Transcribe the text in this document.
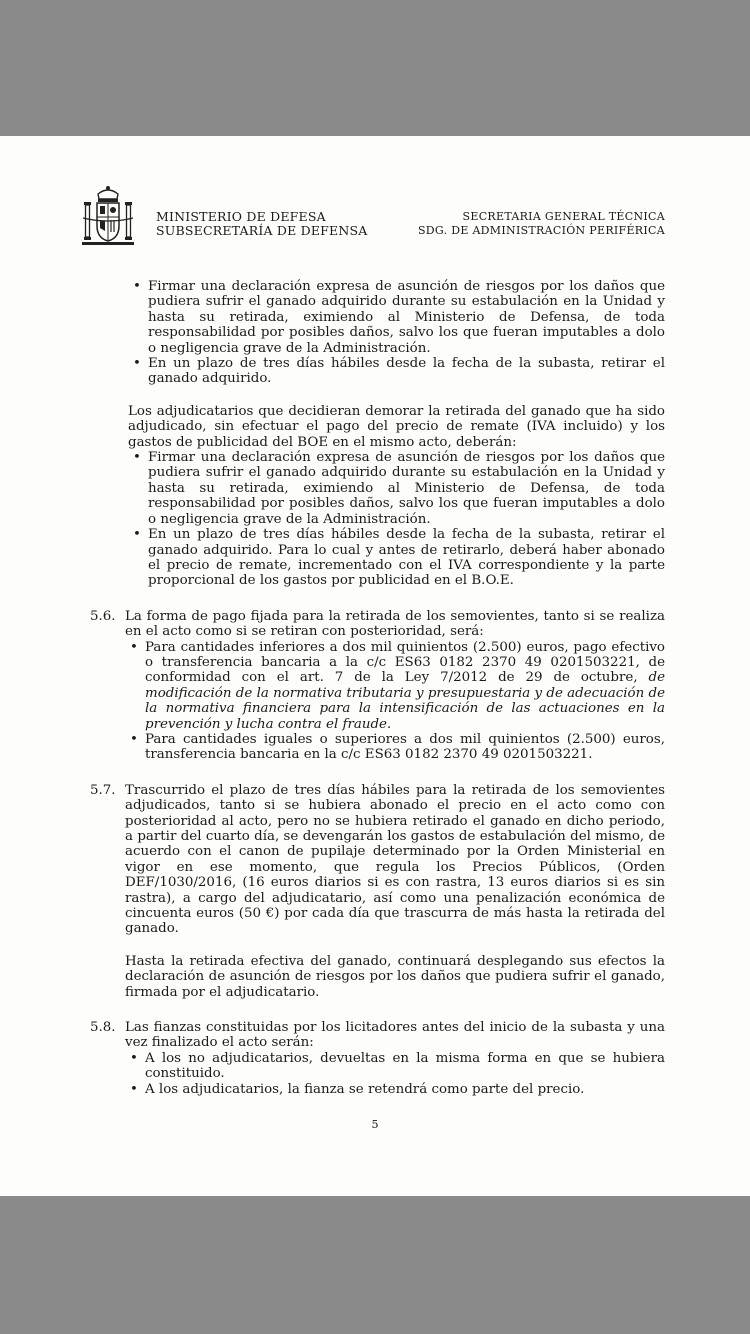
MINISTERIO DE DEFESA
SUBSECRETARÍA DE DEFENSA
SECRETARIA GENERAL TÉCNICA
SDG. DE ADMINISTRACIÓN PERIFÉRICA
• Firmar una declaración expresa de asunción de riesgos por los daños que pudiera sufrir el ganado adquirido durante su estabulación en la Unidad y hasta su retirada, eximiendo al Ministerio de Defensa, de toda responsabilidad por posibles daños, salvo los que fueran imputables a dolo o negligencia grave de la Administración.
• En un plazo de tres días hábiles desde la fecha de la subasta, retirar el ganado adquirido.

Los adjudicatarios que decidieran demorar la retirada del ganado que ha sido adjudicado, sin efectuar el pago del precio de remate (IVA incluido) y los gastos de publicidad del BOE en el mismo acto, deberán:

• Firmar una declaración expresa de asunción de riesgos por los daños que pudiera sufrir el ganado adquirido durante su estabulación en la Unidad y hasta su retirada, eximiendo al Ministerio de Defensa, de toda responsabilidad por posibles daños, salvo los que fueran imputables a dolo o negligencia grave de la Administración.
• En un plazo de tres días hábiles desde la fecha de la subasta, retirar el ganado adquirido. Para lo cual y antes de retirarlo, deberá haber abonado el precio de remate, incrementado con el IVA correspondiente y la parte proporcional de los gastos por publicidad en el B.O.E.
5.6. La forma de pago fijada para la retirada de los semovientes, tanto si se realiza en el acto como si se retiran con posterioridad, será:

• Para cantidades inferiores a dos mil quinientos (2.500) euros, pago efectivo o transferencia bancaria a la c/c ES63 0182 2370 49 0201503221, de conformidad con el art. 7 de la Ley 7/2012 de 29 de octubre, de modificación de la normativa tributaria y presupuestaria y de adecuación de la normativa financiera para la intensificación de las actuaciones en la prevención y lucha contra el fraude.
• Para cantidades iguales o superiores a dos mil quinientos (2.500) euros, transferencia bancaria en la c/c ES63 0182 2370 49 0201503221.
5.7. Trascurrido el plazo de tres días hábiles para la retirada de los semovientes adjudicados, tanto si se hubiera abonado el precio en el acto como con posterioridad al acto, pero no se hubiera retirado el ganado en dicho periodo, a partir del cuarto día, se devengarán los gastos de estabulación del mismo, de acuerdo con el canon de pupilaje determinado por la Orden Ministerial en vigor en ese momento, que regula los Precios Públicos, (Orden DEF/1030/2016, (16 euros diarios si es con rastra, 13 euros diarios si es sin rastra), a cargo del adjudicatario, así como una penalización económica de cincuenta euros (50 €) por cada día que trascurra de más hasta la retirada del ganado.

Hasta la retirada efectiva del ganado, continuará desplegando sus efectos la declaración de asunción de riesgos por los daños que pudiera sufrir el ganado, firmada por el adjudicatario.

5.8. Las fianzas constituidas por los licitadores antes del inicio de la subasta y una vez finalizado el acto serán:

• A los no adjudicatarios, devueltas en la misma forma en que se hubiera constituido.
• A los adjudicatarios, la fianza se retendrá como parte del precio.
5
